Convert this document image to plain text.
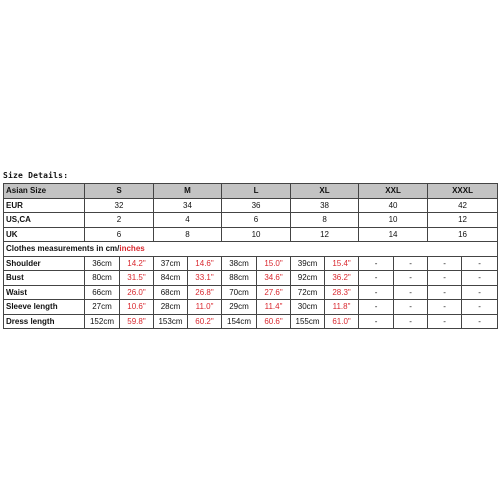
Size Details:
Asian Size	S		M		L		XL		XXL		XXXL	
EUR	32		34		36		38		40		42	
US,CA	2		4		6		8		10		12	
UK	6		8		10		12		14		16	
Clothes measurements in cm/inches												
Shoulder	36cm	14.2"	37cm	14.6"	38cm	15.0"	39cm	15.4"	-	-	-	-
Bust	80cm	31.5"	84cm	33.1"	88cm	34.6"	92cm	36.2"	-	-	-	-
Waist	66cm	26.0"	68cm	26.8"	70cm	27.6"	72cm	28.3"	-	-	-	-
Sleeve length	27cm	10.6"	28cm	11.0"	29cm	11.4"	30cm	11.8"	-	-	-	-
Dress length	152cm	59.8"	153cm	60.2"	154cm	60.6"	155cm	61.0"	-	-	-	-
